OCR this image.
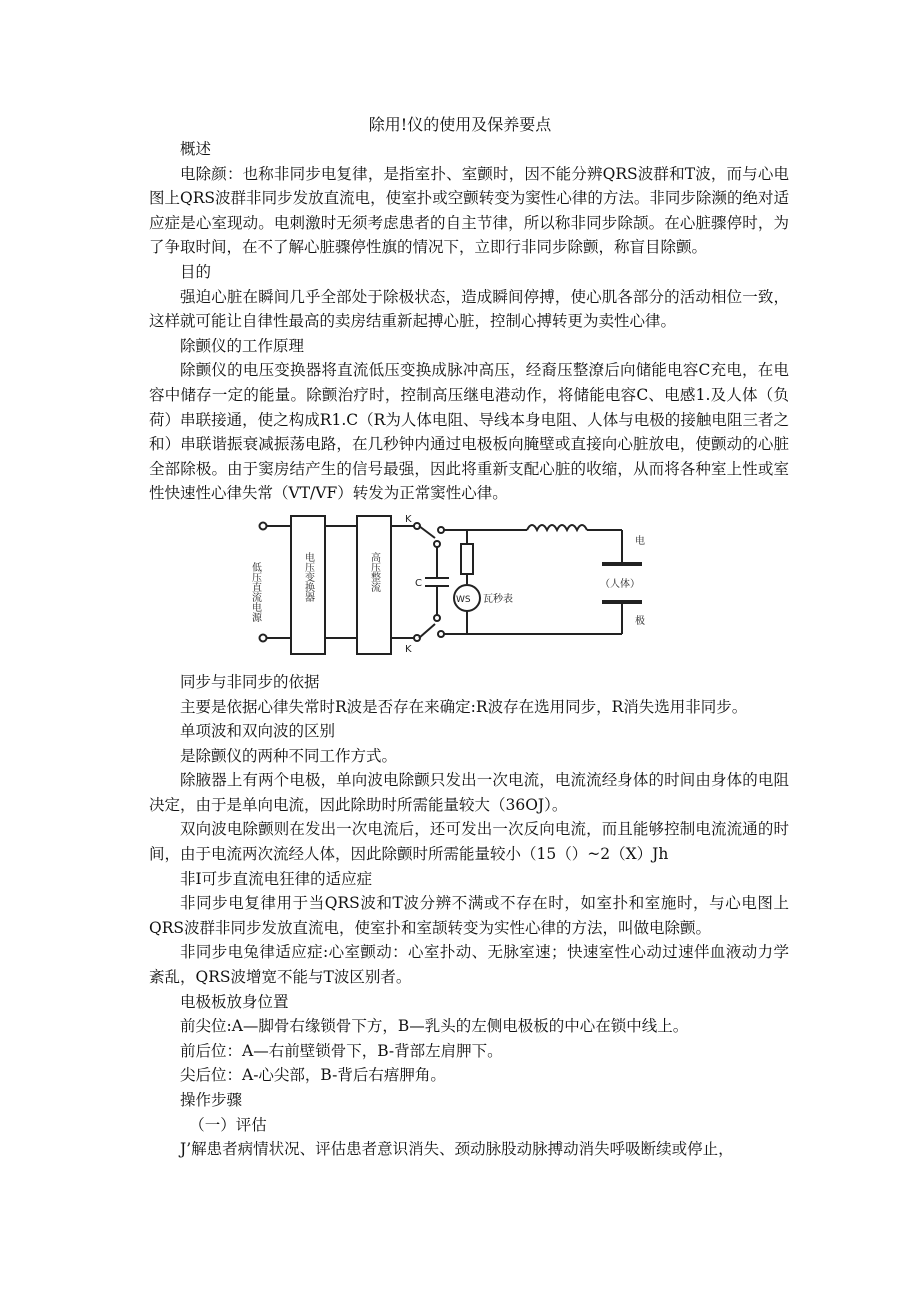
除用!仪的使用及保养要点

概述

电除颜：也称非同步电复律，是指室扑、室颤时，因不能分辨QRS波群和T波，而与心电图上QRS波群非同步发放直流电，使室扑或空颤转变为窦性心律的方法。非同步除濒的绝对适应症是心室现动。电刺激时无须考虑患者的自主节律，所以称非同步除颉。在心脏骤停时，为了争取时间，在不了解心脏骤停性旗的情况下，立即行非同步除颤，称盲目除颤。

目的

强迫心脏在瞬间几乎全部处于除极状态，造成瞬间停搏，使心肌各部分的活动相位一致，这样就可能让自律性最高的卖房结重新起搏心脏，控制心搏转更为卖性心律。

除颤仪的工作原理

除颤仪的电压变换器将直流低压变换成脉冲高压，经裔压整潦后向储能电容C充电，在电容中储存一定的能量。除颤治疗时，控制高压继电港动作，将储能电容C、电感1.及人体（负荷）串联接通，使之构成R1.C（R为人体电阻、导线本身电阻、人体与电极的接触电阻三者之和）串联谐振衰减振荡电路，在几秒钟内通过电极板向腌壁或直接向心脏放电，使颤动的心脏全部除极。由于窦房结产生的信号最强，因此将重新支配心脏的收缩，从而将各种室上性或室性快速性心律失常（VT/VF）转发为正常窦性心律。

低压直流电源	电压变换器	高压整流
K
K
C
WS 瓦秒表
电
（人体）
极

同步与非同步的依据

主要是依据心律失常时R波是否存在来确定:R波存在选用同步，R消失选用非同步。

单项波和双向波的区别

是除颤仪的两种不同工作方式。

除腋器上有两个电极，单向波电除颤只发出一次电流，电流流经身体的时间由身体的电阻决定，由于是单向电流，因此除助时所需能量较大（36OJ）。

双向波电除颤则在发出一次电流后，还可发出一次反向电流，而且能够控制电流流通的时间，由于电流两次流经人体，因此除颤时所需能量较小（15（）~2（X）Jh

非I可步直流电狂律的适应症

非同步电复律用于当QRS波和T波分辨不满或不存在时，如室扑和室施时，与心电图上QRS波群非同步发放直流电，使室扑和室颉转变为实性心律的方法，叫做电除颤。

非同步电兔律适应症:心室颤动：心室扑动、无脉室速；快速室性心动过速伴血液动力学紊乱，QRS波增宽不能与T波区别者。

电极板放身位置

前尖位:A—脚骨右缘锁骨下方，B—乳头的左侧电极板的中心在锁中线上。

前后位：A—右前壁锁骨下，B-背部左肩胛下。

尖后位：A-心尖部，B-背后右痦胛角。

操作步骤

（一）评估

J’解患者病情状况、评估患者意识消失、颈动脉股动脉搏动消失呼吸断续或停止，
